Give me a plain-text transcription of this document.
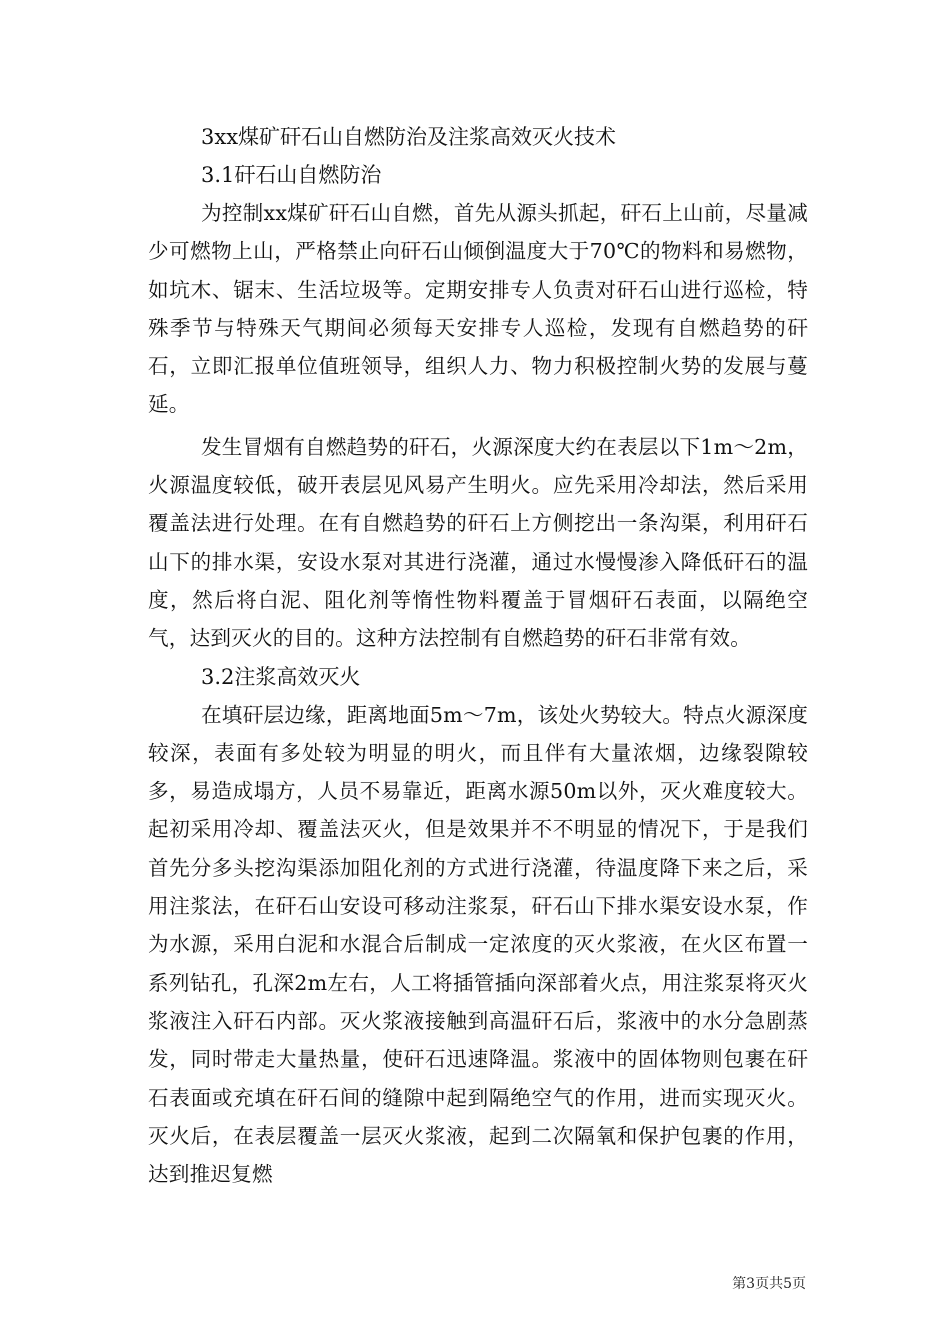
3xx煤矿矸石山自燃防治及注浆高效灭火技术
3.1矸石山自燃防治

为控制xx煤矿矸石山自燃，首先从源头抓起，矸石上山前，尽量减少可燃物上山，严格禁止向矸石山倾倒温度大于70℃的物料和易燃物，如坑木、锯末、生活垃圾等。定期安排专人负责对矸石山进行巡检，特殊季节与特殊天气期间必须每天安排专人巡检，发现有自燃趋势的矸石，立即汇报单位值班领导，组织人力、物力积极控制火势的发展与蔓延。

发生冒烟有自燃趋势的矸石，火源深度大约在表层以下1m～2m，火源温度较低，破开表层见风易产生明火。应先采用冷却法，然后采用覆盖法进行处理。在有自燃趋势的矸石上方侧挖出一条沟渠，利用矸石山下的排水渠，安设水泵对其进行浇灌，通过水慢慢渗入降低矸石的温度，然后将白泥、阻化剂等惰性物料覆盖于冒烟矸石表面，以隔绝空气，达到灭火的目的。这种方法控制有自燃趋势的矸石非常有效。

3.2注浆高效灭火

在填矸层边缘，距离地面5m～7m，该处火势较大。特点火源深度较深，表面有多处较为明显的明火，而且伴有大量浓烟，边缘裂隙较多，易造成塌方，人员不易靠近，距离水源50m以外，灭火难度较大。起初采用冷却、覆盖法灭火，但是效果并不不明显的情况下，于是我们首先分多头挖沟渠添加阻化剂的方式进行浇灌，待温度降下来之后，采用注浆法，在矸石山安设可移动注浆泵，矸石山下排水渠安设水泵，作为水源，采用白泥和水混合后制成一定浓度的灭火浆液，在火区布置一系列钻孔，孔深2m左右，人工将插管插向深部着火点，用注浆泵将灭火浆液注入矸石内部。灭火浆液接触到高温矸石后，浆液中的水分急剧蒸发，同时带走大量热量，使矸石迅速降温。浆液中的固体物则包裹在矸石表面或充填在矸石间的缝隙中起到隔绝空气的作用，进而实现灭火。灭火后，在表层覆盖一层灭火浆液，起到二次隔氧和保护包裹的作用，达到推迟复燃

第3页共5页
